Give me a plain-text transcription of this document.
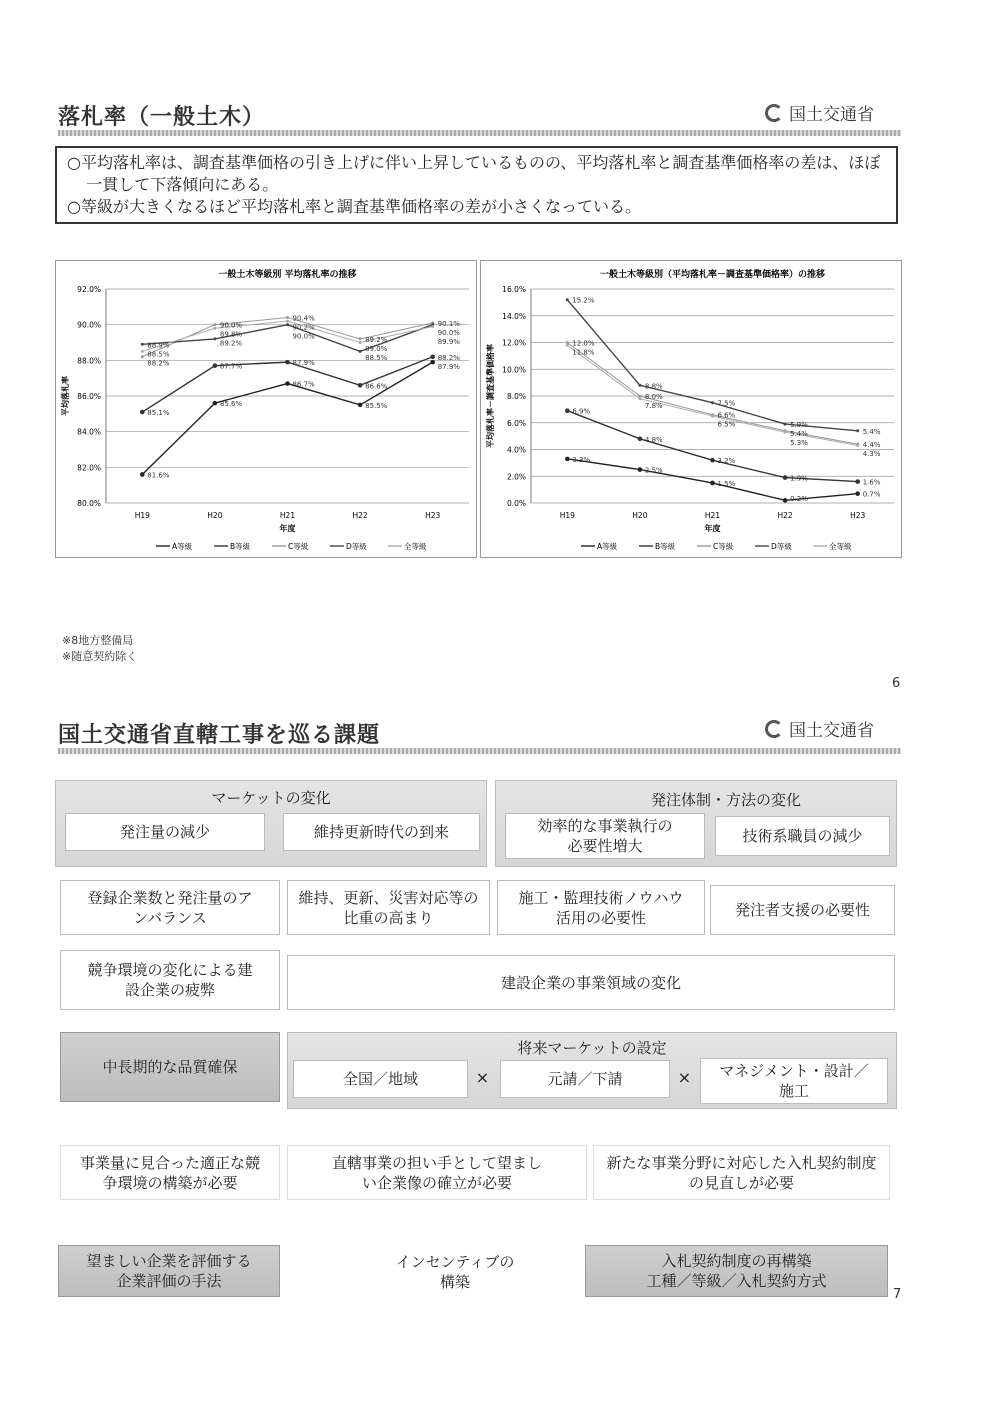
落札率（一般土木）	国土交通省
○平均落札率は、調査基準価格の引き上げに伴い上昇しているものの、平均落札率と調査基準価格率の差は、ほぼ一貫して下落傾向にある。
○等級が大きくなるほど平均落札率と調査基準価格率の差が小さくなっている。
一般土木等級別 平均落札率の推移
80.0%
82.0%
84.0%
86.0%
88.0%
90.0%
92.0%
H19	H20	H21	H22	H23
年度
平均落札率
A等級	B等級	C等級	D等級	全等級
88.9%
88.5%
88.2%
85.1%
81.6%
90.0%
89.8%
89.2%
87.7%
85.6%
90.4%
90.2%
90.0%
87.9%
86.7%
89.2%
89.0%
88.5%
86.6%
85.5%
90.1%
90.0%
89.9%
88.2%
87.9%
一般土木等級別（平均落札率－調査基準価格率）の推移
0.0%
2.0%
4.0%
6.0%
8.0%
10.0%
12.0%
14.0%
16.0%
H19	H20	H21	H22	H23
年度
平均落札率－調査基準価格率
A等級	B等級	C等級	D等級	全等級
15.2%
12.0%
11.8%
6.9%
3.3%
8.8%
8.0%
7.8%
4.8%
2.5%
7.5%
6.6%
6.5%
3.2%
1.5%
5.9%
5.4%
5.3%
1.9%
0.2%
5.4%
4.4%
4.3%
1.6%
0.7%
※8地方整備局
※随意契約除く
6
国土交通省直轄工事を巡る課題	国土交通省
マーケットの変化
発注量の減少	維持更新時代の到来
発注体制・方法の変化
効率的な事業執行の必要性増大
技術系職員の減少
登録企業数と発注量のアンバランス
維持、更新、災害対応等の比重の高まり
施工・監理技術ノウハウ活用の必要性	発注者支援の必要性
競争環境の変化による建設企業の疲弊	建設企業の事業領域の変化
中長期的な品質確保
将来マーケットの設定
全国／地域	×	元請／下請	×	マネジメント・設計／施工
事業量に見合った適正な競争環境の構築が必要
直轄事業の担い手として望ましい企業像の確立が必要
新たな事業分野に対応した入札契約制度の見直しが必要
望ましい企業を評価する
企業評価の手法
インセンティブの
構築
入札契約制度の再構築
工種／等級／入札契約方式
7
